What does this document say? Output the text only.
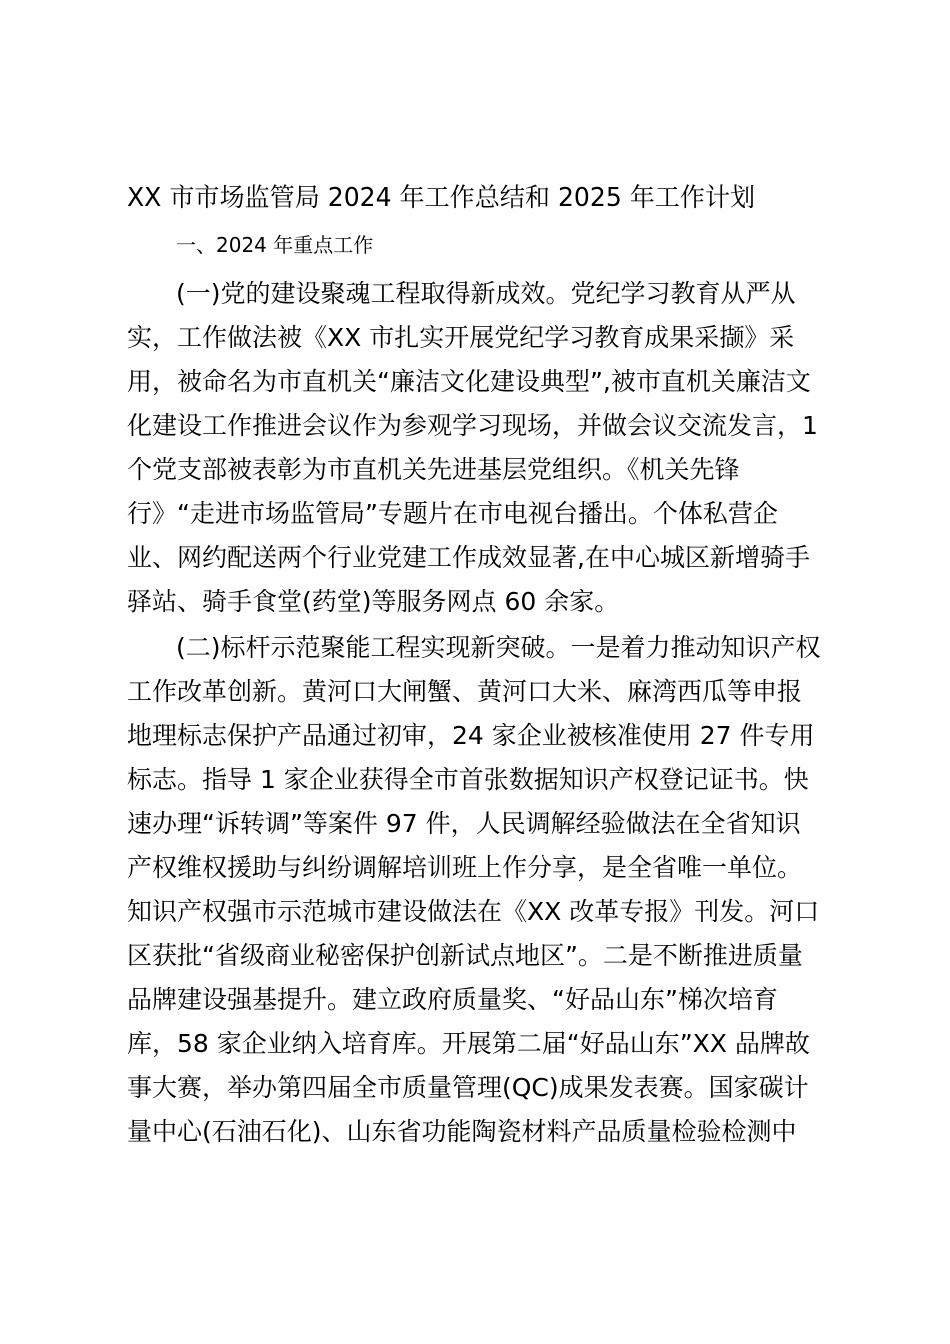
XX 市市场监管局 2024 年工作总结和 2025 年工作计划
一、2024 年重点工作
(一)党的建设聚魂工程取得新成效。党纪学习教育从严从
实，工作做法被《XX 市扎实开展党纪学习教育成果采撷》采
用，被命名为市直机关“廉洁文化建设典型”,被市直机关廉洁文
化建设工作推进会议作为参观学习现场，并做会议交流发言，1
个党支部被表彰为市直机关先进基层党组织。《机关先锋
行》“走进市场监管局”专题片在市电视台播出。个体私营企
业、网约配送两个行业党建工作成效显著,在中心城区新增骑手
驿站、骑手食堂(药堂)等服务网点 60 余家。
(二)标杆示范聚能工程实现新突破。一是着力推动知识产权
工作改革创新。黄河口大闸蟹、黄河口大米、麻湾西瓜等申报
地理标志保护产品通过初审，24 家企业被核准使用 27 件专用
标志。指导 1 家企业获得全市首张数据知识产权登记证书。快
速办理“诉转调”等案件 97 件，人民调解经验做法在全省知识
产权维权援助与纠纷调解培训班上作分享，是全省唯一单位。
知识产权强市示范城市建设做法在《XX 改革专报》刊发。河口
区获批“省级商业秘密保护创新试点地区”。二是不断推进质量
品牌建设强基提升。建立政府质量奖、“好品山东”梯次培育
库，58 家企业纳入培育库。开展第二届“好品山东”XX 品牌故
事大赛，举办第四届全市质量管理(QC)成果发表赛。国家碳计
量中心(石油石化)、山东省功能陶瓷材料产品质量检验检测中
